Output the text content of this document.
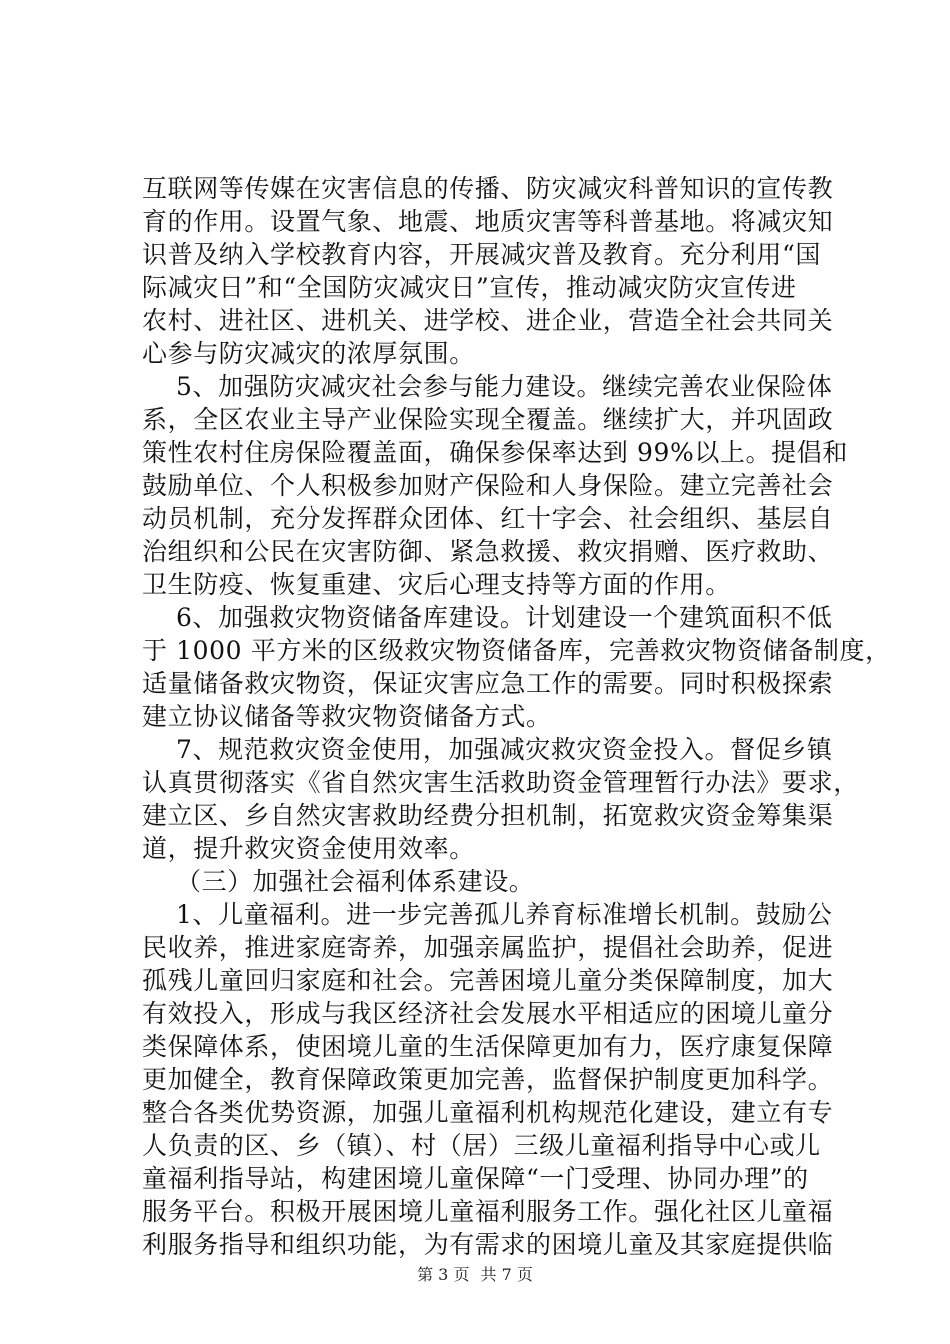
互联网等传媒在灾害信息的传播、防灾减灾科普知识的宣传教
育的作用。设置气象、地震、地质灾害等科普基地。将减灾知
识普及纳入学校教育内容，开展减灾普及教育。充分利用“国
际减灾日”和“全国防灾减灾日”宣传，推动减灾防灾宣传进
农村、进社区、进机关、进学校、进企业，营造全社会共同关
心参与防灾减灾的浓厚氛围。
5、加强防灾减灾社会参与能力建设。继续完善农业保险体
系，全区农业主导产业保险实现全覆盖。继续扩大，并巩固政
策性农村住房保险覆盖面，确保参保率达到 99%以上。提倡和
鼓励单位、个人积极参加财产保险和人身保险。建立完善社会
动员机制，充分发挥群众团体、红十字会、社会组织、基层自
治组织和公民在灾害防御、紧急救援、救灾捐赠、医疗救助、
卫生防疫、恢复重建、灾后心理支持等方面的作用。
6、加强救灾物资储备库建设。计划建设一个建筑面积不低
于 1000 平方米的区级救灾物资储备库，完善救灾物资储备制度，
适量储备救灾物资，保证灾害应急工作的需要。同时积极探索
建立协议储备等救灾物资储备方式。
7、规范救灾资金使用，加强减灾救灾资金投入。督促乡镇
认真贯彻落实《省自然灾害生活救助资金管理暂行办法》要求，
建立区、乡自然灾害救助经费分担机制，拓宽救灾资金筹集渠
道，提升救灾资金使用效率。
（三）加强社会福利体系建设。
1、儿童福利。进一步完善孤儿养育标准增长机制。鼓励公
民收养，推进家庭寄养，加强亲属监护，提倡社会助养，促进
孤残儿童回归家庭和社会。完善困境儿童分类保障制度，加大
有效投入，形成与我区经济社会发展水平相适应的困境儿童分
类保障体系，使困境儿童的生活保障更加有力，医疗康复保障
更加健全，教育保障政策更加完善，监督保护制度更加科学。
整合各类优势资源，加强儿童福利机构规范化建设，建立有专
人负责的区、乡（镇）、村（居）三级儿童福利指导中心或儿
童福利指导站，构建困境儿童保障“一门受理、协同办理”的
服务平台。积极开展困境儿童福利服务工作。强化社区儿童福
利服务指导和组织功能，为有需求的困境儿童及其家庭提供临
第 3 页 共 7 页
